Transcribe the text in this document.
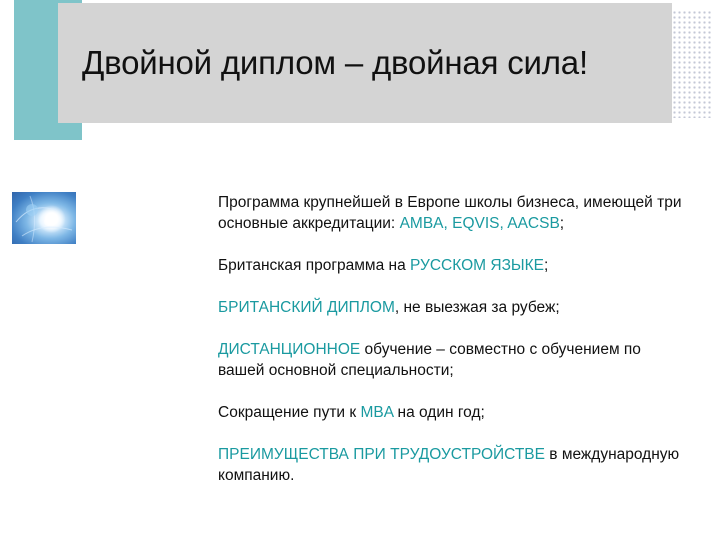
Двойной диплом – двойная сила!

Программа крупнейшей в Европе школы бизнеса, имеющей три основные аккредитации: AMBA, EQVIS, AACSB;

Британская программа на РУССКОМ ЯЗЫКЕ;

БРИТАНСКИЙ ДИПЛОМ, не выезжая за рубеж;

ДИСТАНЦИОННОЕ обучение – совместно с обучением по вашей основной специальности;

Сокращение пути к MBA на один год;

ПРЕИМУЩЕСТВА ПРИ ТРУДОУСТРОЙСТВЕ в международную компанию.
